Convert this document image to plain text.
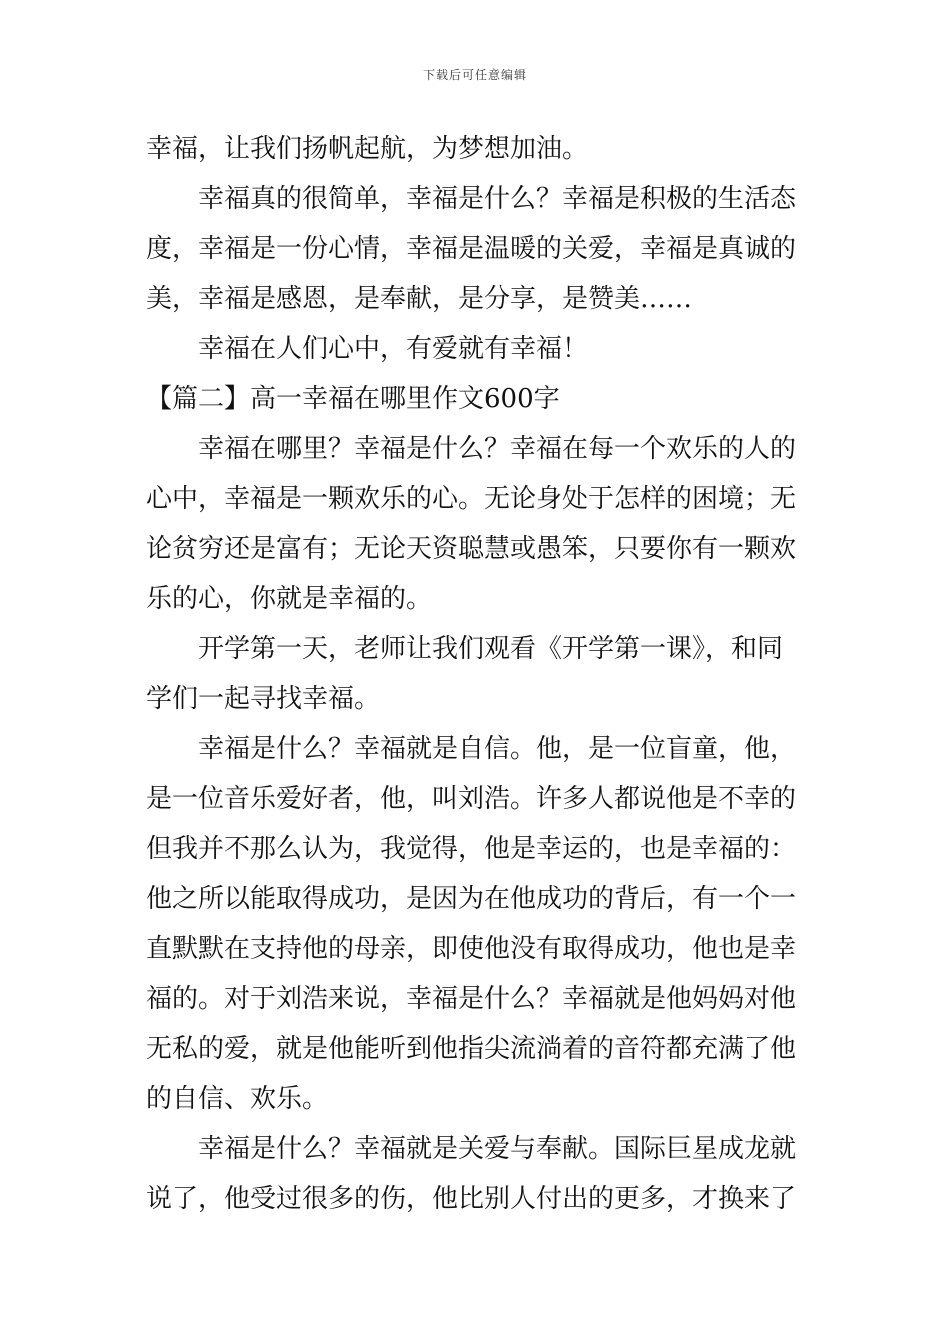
下载后可任意编辑
幸福，让我们扬帆起航，为梦想加油。
幸福真的很简单，幸福是什么？幸福是积极的生活态
度，幸福是一份心情，幸福是温暖的关爱，幸福是真诚的
美，幸福是感恩，是奉献，是分享，是赞美……
幸福在人们心中，有爱就有幸福！
【篇二】高一幸福在哪里作文600字
幸福在哪里？幸福是什么？幸福在每一个欢乐的人的
心中，幸福是一颗欢乐的心。无论身处于怎样的困境；无
论贫穷还是富有；无论天资聪慧或愚笨，只要你有一颗欢
乐的心，你就是幸福的。
开学第一天，老师让我们观看《开学第一课》，和同
学们一起寻找幸福。
幸福是什么？幸福就是自信。他，是一位盲童，他，
是一位音乐爱好者，他，叫刘浩。许多人都说他是不幸的
但我并不那么认为，我觉得，他是幸运的，也是幸福的：
他之所以能取得成功，是因为在他成功的背后，有一个一
直默默在支持他的母亲，即使他没有取得成功，他也是幸
福的。对于刘浩来说，幸福是什么？幸福就是他妈妈对他
无私的爱，就是他能听到他指尖流淌着的音符都充满了他
的自信、欢乐。
幸福是什么？幸福就是关爱与奉献。国际巨星成龙就
说了，他受过很多的伤，他比别人付出的更多，才换来了
